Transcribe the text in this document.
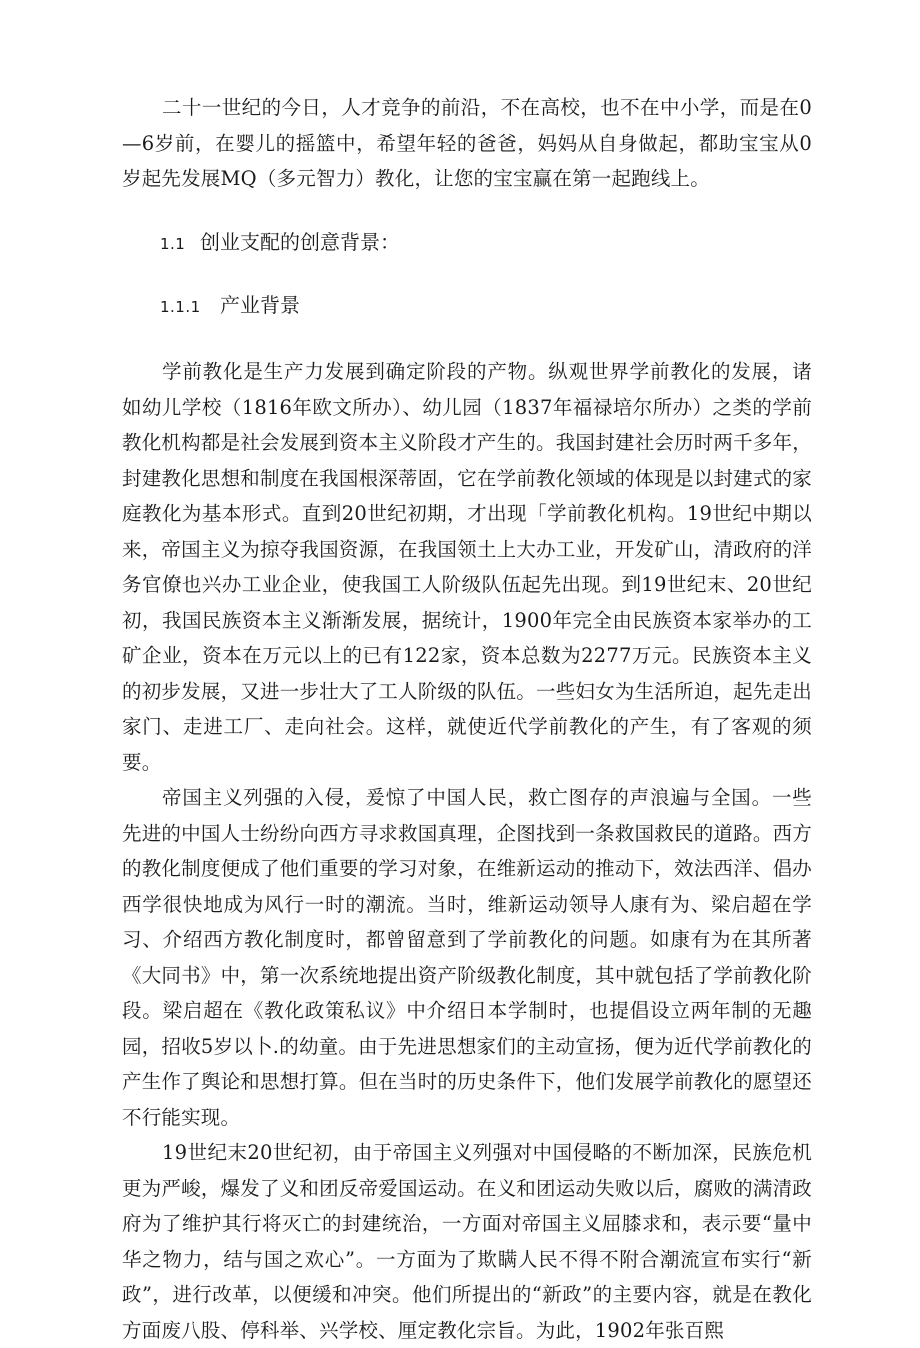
二十一世纪的今日，人才竞争的前沿，不在高校，也不在中小学，而是在0—6岁前，在婴儿的摇篮中，希望年轻的爸爸，妈妈从自身做起，都助宝宝从0岁起先发展MQ（多元智力）教化，让您的宝宝赢在第一起跑线上。

1.1 创业支配的创意背景：
1.1.1 产业背景

学前教化是生产力发展到确定阶段的产物。纵观世界学前教化的发展，诸如幼儿学校（1816年欧文所办）、幼儿园（1837年福禄培尔所办）之类的学前教化机构都是社会发展到资本主义阶段才产生的。我国封建社会历时两千多年，封建教化思想和制度在我国根深蒂固，它在学前教化领域的体现是以封建式的家庭教化为基本形式。直到20世纪初期，才出现「学前教化机构。19世纪中期以来，帝国主义为掠夺我国资源，在我国领土上大办工业，开发矿山，清政府的洋务官僚也兴办工业企业，使我国工人阶级队伍起先出现。到19世纪末、20世纪初，我国民族资本主义渐渐发展，据统计，1900年完全由民族资本家举办的工矿企业，资本在万元以上的已有122家，资本总数为2277万元。民族资本主义的初步发展，又进一步壮大了工人阶级的队伍。一些妇女为生活所迫，起先走出家门、走进工厂、走向社会。这样，就使近代学前教化的产生，有了客观的须要。

帝国主义列强的入侵，爰惊了中国人民，救亡图存的声浪遍与全国。一些先进的中国人士纷纷向西方寻求救国真理，企图找到一条救国救民的道路。西方的教化制度便成了他们重要的学习对象，在维新运动的推动下，效法西洋、倡办西学很快地成为风行一时的潮流。当时，维新运动领导人康有为、梁启超在学习、介绍西方教化制度时，都曾留意到了学前教化的问题。如康有为在其所著《大同书》中，第一次系统地提出资产阶级教化制度，其中就包括了学前教化阶段。梁启超在《教化政策私议》中介绍日本学制时，也提倡设立两年制的无趣园，招收5岁以卜.的幼童。由于先进思想家们的主动宣扬，便为近代学前教化的产生作了舆论和思想打算。但在当时的历史条件下，他们发展学前教化的愿望还不行能实现。

19世纪末20世纪初，由于帝国主义列强对中国侵略的不断加深，民族危机更为严峻，爆发了义和团反帝爱国运动。在义和团运动失败以后，腐败的满清政府为了维护其行将灭亡的封建统治，一方面对帝国主义屈膝求和，表示要“量中华之物力，结与国之欢心”。一方面为了欺瞒人民不得不附合潮流宣布实行“新政”，进行改革，以便缓和冲突。他们所提出的“新政”的主要内容，就是在教化方面废八股、停科举、兴学校、厘定教化宗旨。为此，1902年张百熙
